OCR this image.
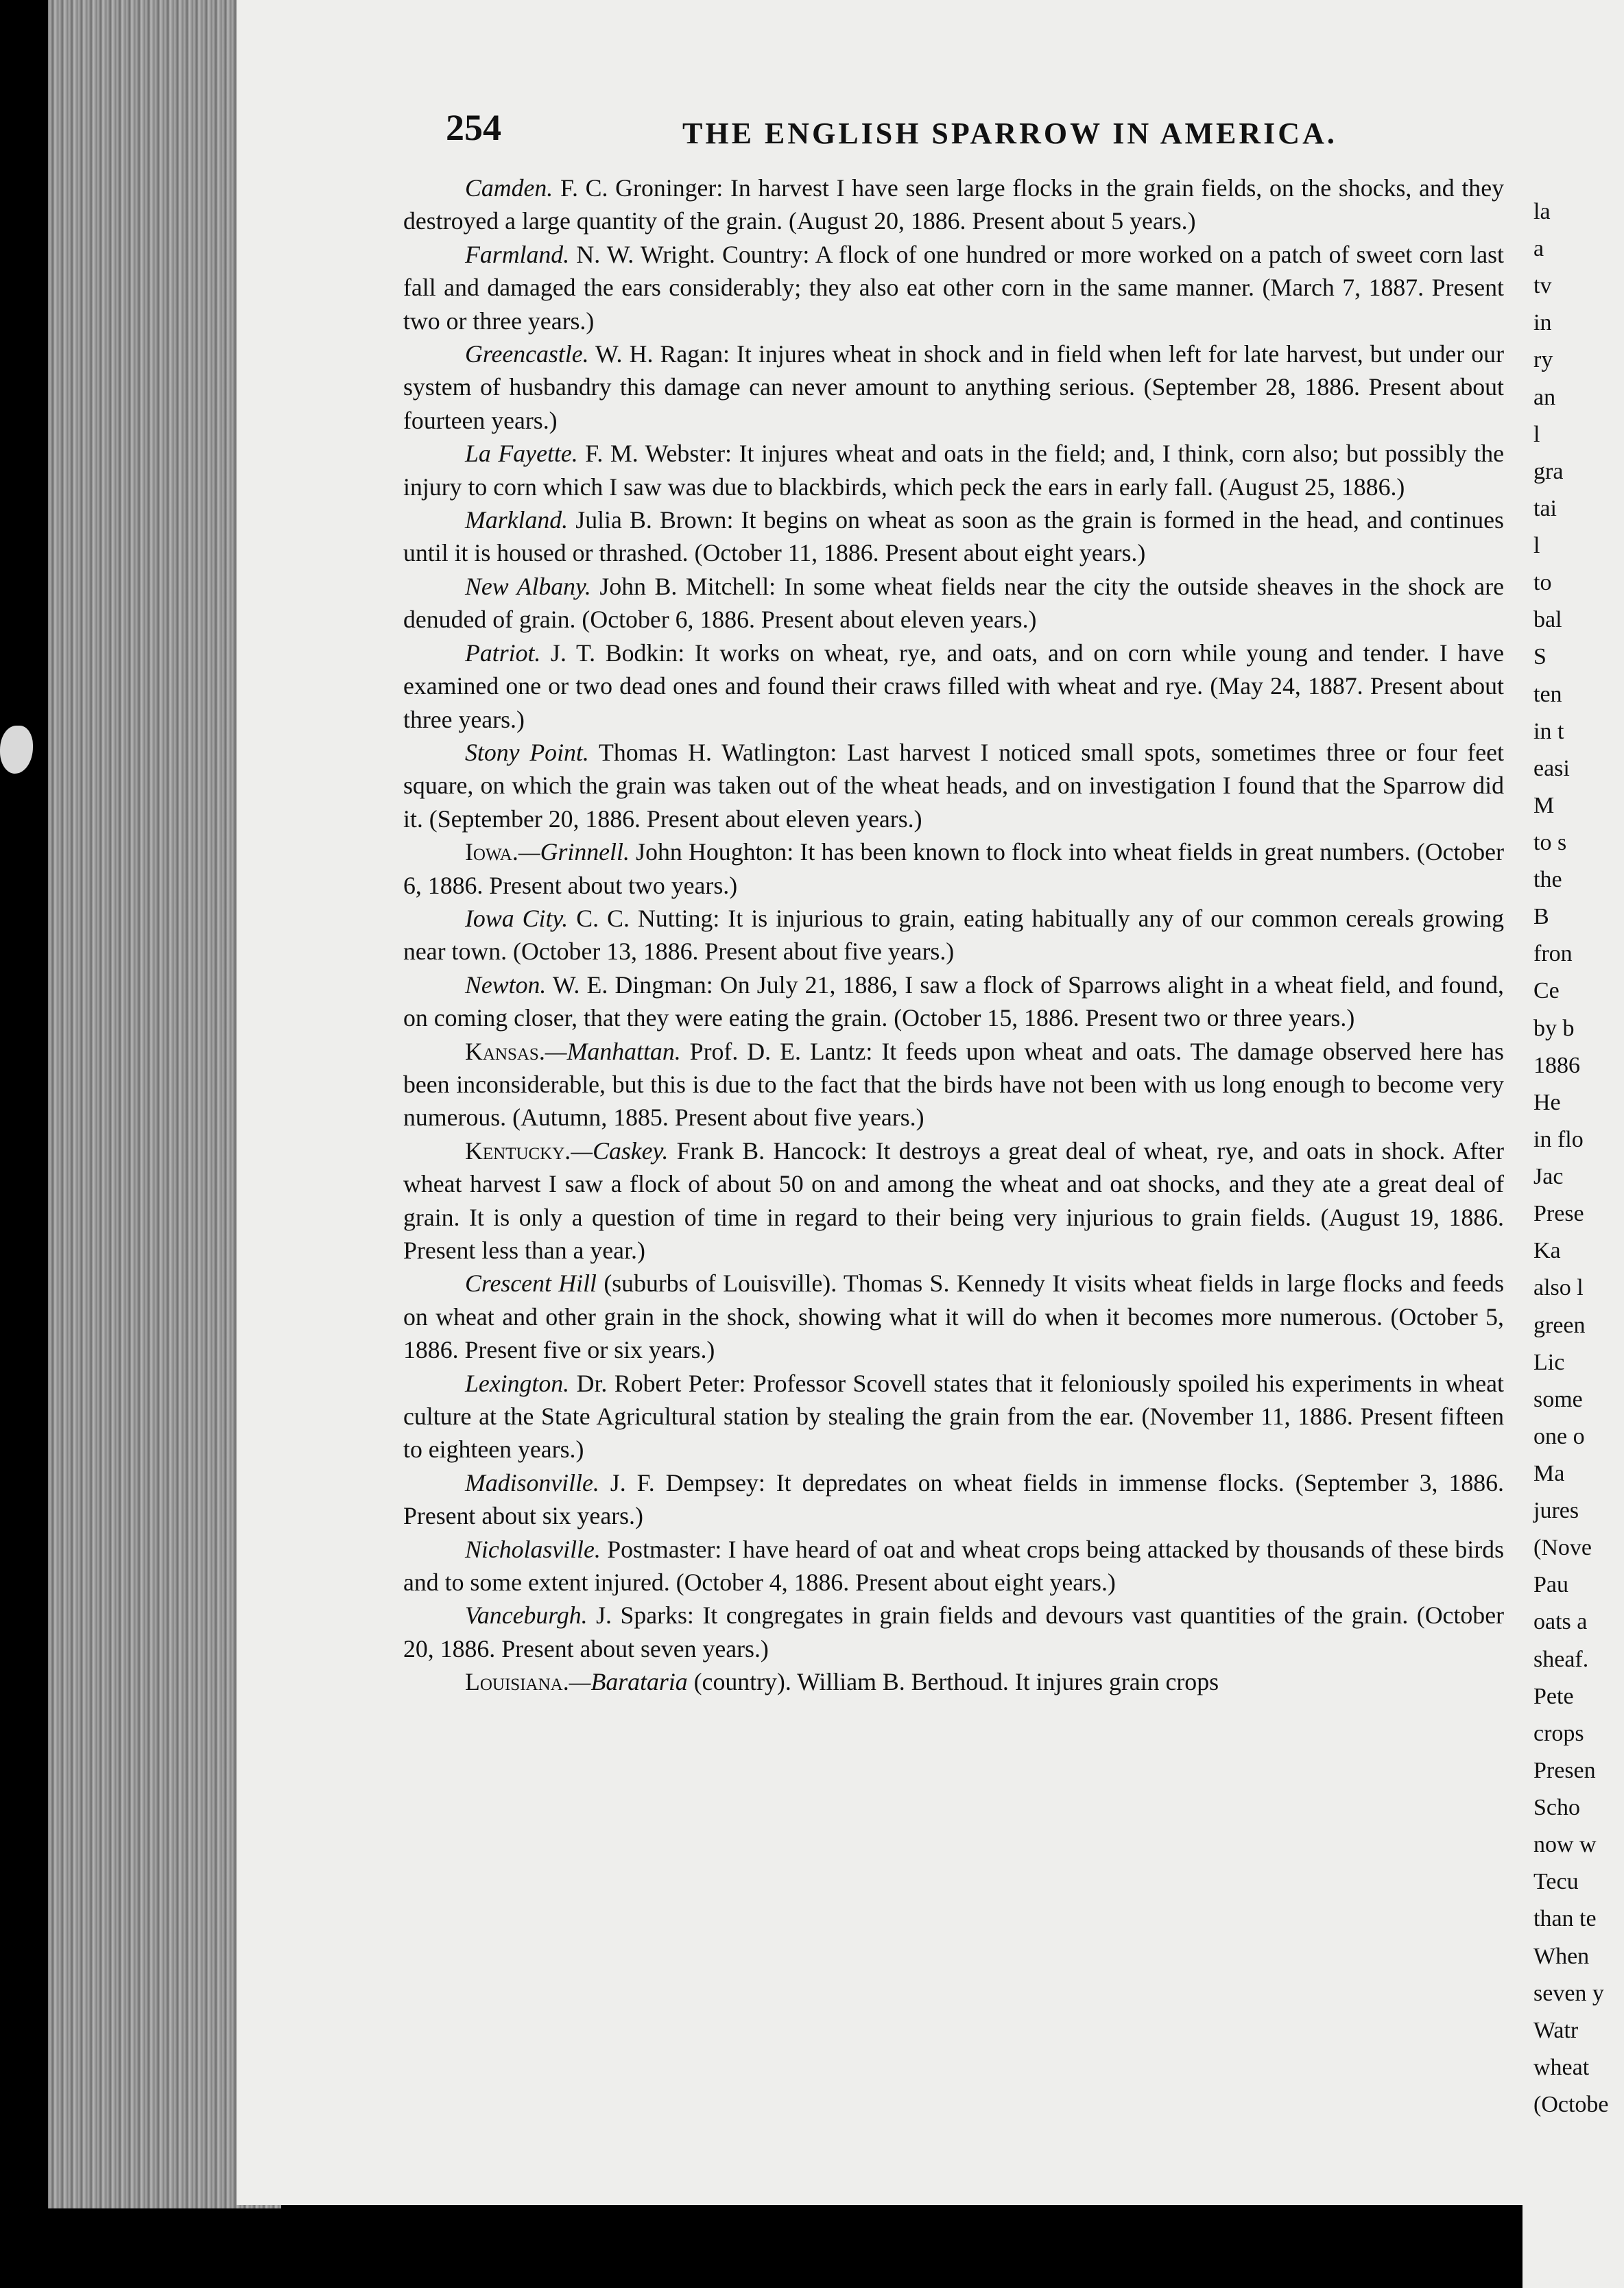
254	THE ENGLISH SPARROW IN AMERICA.

Camden. F. C. Groninger: In harvest I have seen large flocks in the grain fields, on the shocks, and they destroyed a large quantity of the grain. (August 20, 1886. Present about 5 years.)

Farmland. N. W. Wright. Country: A flock of one hundred or more worked on a patch of sweet corn last fall and damaged the ears considerably; they also eat other corn in the same manner. (March 7, 1887. Present two or three years.)

Greencastle. W. H. Ragan: It injures wheat in shock and in field when left for late harvest, but under our system of husbandry this damage can never amount to anything serious. (September 28, 1886. Present about fourteen years.)

La Fayette. F. M. Webster: It injures wheat and oats in the field; and, I think, corn also; but possibly the injury to corn which I saw was due to blackbirds, which peck the ears in early fall. (August 25, 1886.)

Markland. Julia B. Brown: It begins on wheat as soon as the grain is formed in the head, and continues until it is housed or thrashed. (October 11, 1886. Present about eight years.)

New Albany. John B. Mitchell: In some wheat fields near the city the outside sheaves in the shock are denuded of grain. (October 6, 1886. Present about eleven years.)

Patriot. J. T. Bodkin: It works on wheat, rye, and oats, and on corn while young and tender. I have examined one or two dead ones and found their craws filled with wheat and rye. (May 24, 1887. Present about three years.)

Stony Point. Thomas H. Watlington: Last harvest I noticed small spots, sometimes three or four feet square, on which the grain was taken out of the wheat heads, and on investigation I found that the Sparrow did it. (September 20, 1886. Present about eleven years.)

Iowa.—Grinnell. John Houghton: It has been known to flock into wheat fields in great numbers. (October 6, 1886. Present about two years.)

Iowa City. C. C. Nutting: It is injurious to grain, eating habitually any of our common cereals growing near town. (October 13, 1886. Present about five years.)

Newton. W. E. Dingman: On July 21, 1886, I saw a flock of Sparrows alight in a wheat field, and found, on coming closer, that they were eating the grain. (October 15, 1886. Present two or three years.)

Kansas.—Manhattan. Prof. D. E. Lantz: It feeds upon wheat and oats. The damage observed here has been inconsiderable, but this is due to the fact that the birds have not been with us long enough to become very numerous. (Autumn, 1885. Present about five years.)

Kentucky.—Caskey. Frank B. Hancock: It destroys a great deal of wheat, rye, and oats in shock. After wheat harvest I saw a flock of about 50 on and among the wheat and oat shocks, and they ate a great deal of grain. It is only a question of time in regard to their being very injurious to grain fields. (August 19, 1886. Present less than a year.)

Crescent Hill (suburbs of Louisville). Thomas S. Kennedy It visits wheat fields in large flocks and feeds on wheat and other grain in the shock, showing what it will do when it becomes more numerous. (October 5, 1886. Present five or six years.)

Lexington. Dr. Robert Peter: Professor Scovell states that it feloniously spoiled his experiments in wheat culture at the State Agricultural station by stealing the grain from the ear. (November 11, 1886. Present fifteen to eighteen years.)

Madisonville. J. F. Dempsey: It depredates on wheat fields in immense flocks. (September 3, 1886. Present about six years.)

Nicholasville. Postmaster: I have heard of oat and wheat crops being attacked by thousands of these birds and to some extent injured. (October 4, 1886. Present about eight years.)

Vanceburgh. J. Sparks: It congregates in grain fields and devours vast quantities of the grain. (October 20, 1886. Present about seven years.)

Louisiana.—Barataria (country). William B. Berthoud. It injures grain crops

la
a
tv
in
ry
an
l
gra
tai
l
to
bal
S
ten
in t
easi
M
to s
the
B
fron
Ce
by b
1886
He
in flo
Jac
Prese
Ka
also l
green
Lic
some
one o
Ma
jures
(Nove
Pau
oats a
sheaf.
Pete
crops
Presen
Scho
now w
Tecu
than te
When
seven y
Watr
wheat
(Octobe
